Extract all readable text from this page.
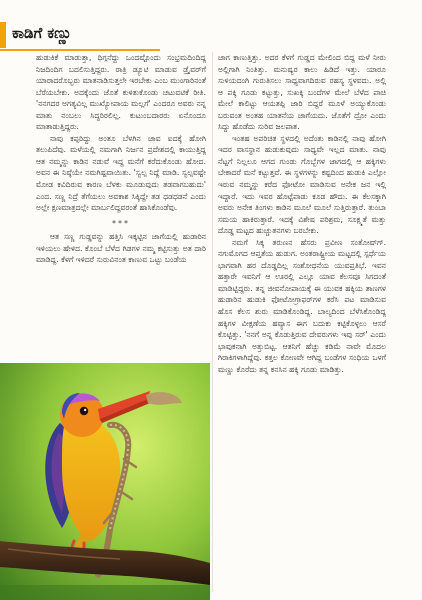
ಕಾಡಿಗೆ ಕಣ್ಣು

ಹುಡುಕಿಕೆ ಮಾಡುತ್ತಾ, ಧಿಗ್ಗನೆದ್ದು ಒಂದಷ್ಟೊಂದು ಸಂಭ್ರಮದಿಂದಿದ್ದ ನಿಜದಿಂದಿಗ ಬದಲಿಸುತ್ತಿದ್ದರು. ರಾತ್ರಿ ಡ್ಯೂಟಿ ಮಾಡುವ ಡ್ರೈವರ್‌ಗೆ ಯಾರಾದರೊಬ್ಬರು ಮಾತನಾಡಿಸುತ್ತಲೇ ಇರಬೇಕು ಎಂಬ ಮುಂಗಾರಿನಂತೆ ಬೆರೆಯಬೇಕು. ಅದಕ್ಕೆಂದು ಜೊತೆ ಕುಳಿತುಕೊಂಡು ಚಟುವಟಿಕೆ ರೀತಿ. 'ನನಗದರ ಅಗತ್ಯವಿಲ್ಲ ಮುಖ್ಯೋಪಾಯ ಮಲ್ಲಗೆ' ಎಂದರೂ ಅವರು ನನ್ನ ಮಾತು ನಂಬಲು ಸಿದ್ಧರಿರಲಿಲ್ಲ. ಕುಟುಂಬದಾರರು ಏನೊಂದೂ ಮಾತಾಡುತ್ತಿದ್ದರು.

ನಾವು ಕಪ್ಪರಿದ್ದು ಅಂತೂ ಬೆಳಗಿನ ಜಾವ ಐದಕ್ಕೆ ಹೋಗಿ ತಲುಪಿದೆವು. ಮಳೆಯಲ್ಲಿ ನಮಗಾಗಿ ನಿರ್ಜನ ಪ್ರದೇಶದಲ್ಲಿ ಕಾಯುತ್ತಿದ್ದ ಆತ ನಮ್ಮನ್ನು ಕಾಡಿನ ನಡುವೆ ಇದ್ದ ಮನೆಗೆ ಕರೆದುಕೊಂಡು ಹೋದ. ಅವನ ಈ ನಿಷ್ಠೆಯೇ ನಮಗಿಷ್ಟವಾಯಿತು. 'ಸ್ವಲ್ಪ ನಿದ್ದೆ ಮಾಡಿ. ಸ್ವಲ್ಪವಷ್ಟೇ ಮೋಡ ಕವಿದಿರುವ ಕಾರಣ ಬೆಳಕು ಮೂಡುವುದು ತಡವಾಗಬಹುದು' ಎಂದ. ಸಣ್ಣ ನಿದ್ರೆ ತೆಗೆಯಲು ಅವಕಾಶ ಸಿಕ್ಕಿದ್ದೇ ತಡ ಧಡಧಡನೆ ಎಂದು ಅಲ್ಲೇ ಕ್ಷಣಮಾತ್ರದಲ್ಲೇ ಮಾರ್ಬಲಿದ್ದವರಂತೆ ಹಾಸಿಕೊಂಡೆವು.

***

ಆತ ಸಣ್ಣ ಗುಡ್ಡವನ್ನು ಹತ್ತಿಸಿ ಇಕ್ಕಟ್ಟಿನ ಜಾಗೆಯಲ್ಲಿ ಹುಡಾರಿನ ಇಳಿಯಲು ಹೇಳಿದ. ಕೊಂಬೆ ಬೆಳೆದ ಗಿಡಗಳ ನಮ್ಮ ಕಟ್ಟಿಸುತ್ತು ಅತ ದಾರಿ ಮಾಡಿದ್ದ. ಕೆಳಗೆ ಇಳಿದರೆ ಸುರುವಿನಂತ ಕಾಣುವ ಒಟ್ಟು ಬಂಡೆಯ

ಜಾಗ ಕಾಣುತ್ತಿತ್ತು. ಅದರ ಕೆಳಗೆ ಗುಡ್ಡದ ಮೇಲಿಂದ ಬಿದ್ದ ಮಳೆ ನೀರು ಅಲ್ಲಿಗಾಗಿ ನಿಂತಿತ್ತು. ಮನುಷ್ಯರ ಕಾಲು ಹಿಡಿದೆ ಇತ್ತು. ಯಾರೂ ಸುಳಿಯದಂಗಿ ಗುರುತಿಸಲು ಸಾಧ್ಯವಾಗದಿರುವ ರಹಸ್ಯ ಸ್ಥಳವದು. ಅಲ್ಲಿ ಆ ಪಕ್ಕಿ ಗೂಡು ಕಟ್ಟುತ್ತು, ಸುಖಕ್ಕಿ ಬಂದೆಗಳ ಮೇಲೆ ಬೆಳೆದ ಪಾಚಿ ಮೇಲೆ ಕಾಲಿಟ್ಟು ಆಯತಪ್ಪಿ ಜಾರಿ ಬಿದ್ದರೆ ಮೂಳೆ ಅಯ್ಯುಕೊಂಡು ಬರುವಂತ ಅಂತಹ ಯಾತನೆಯ ಜಾಗೆಯದು. ಜೊತೆಗೆ ದ್ರೋ ಎಂದು ಸಿದ್ದು ಹೊಡೆದು ಸುರಿವ ಜಲಪಾತ.

ಇಂತಹ ಅಪರಿಚಿತ ಸ್ಥಳದಲ್ಲಿ ಅದೆಂತು ಕಾಡಿನಲ್ಲಿ ನಾವು ಹೋಗಿ ಇದರ ವಾಸಸ್ಥಾನ ಹುಡುಕುವುದು ಸಾಧ್ಯವೇ ಇಲ್ಲದ ಮಾತು. ನಾವು ನೆಟ್ಟಗೆ ನಿಲ್ಲಲೂ ಆಗದ ಗುಂಡು ಗೊಬ್ಬೆಗಳ ಜಾಗದಲ್ಲಿ ಆ ಹಕ್ಕಿಗಳು ಬೇಕಾದರೆ ಮನೆ ಕಟ್ಟುತ್ತವೆ. ಈ ಸ್ಥಳಗಳನ್ನು ಕಷ್ಟದಿಂದ ಹುಡುಕಿ ಎಲ್ಲೋ ಇರುವ ನಮ್ಮನ್ನು ಕರೆದ ಫೋಟೋ ಮಾಡಿಸುವ ಅನೇಕ ಜನ ಇಲ್ಲಿ ಇದ್ದಾರೆ. ಇದು ಇವರ ಹೊಟ್ಟೆಪಾಡು ಕೂಡ ಹೌದು. ಈ ಕೆಲಸಕ್ಕಾಗಿ ಅವರು ಅನೇಕ ತಿಂಗಳು ಕಾಡಿನ ಮೂಲೆ ಮೂಲೆ ಸುತ್ತಿರುತ್ತಾರೆ. ತುಂಬಾ ಸಮಯ ಹಾಕಿರುತ್ತಾರೆ. ಇದಕ್ಕೆ ವಿಶೇಷ ಪರಿಶ್ರಮ, ಸೂಕ್ಷ್ಮತೆ ಮತ್ತು ದೊಡ್ಡ ಮಟ್ಟದ ಹುಚ್ಚುತನಗಳು ಬರಬೇಕು.

ನಮಗೆ ಸಿಕ್ಕ ತರುಣನ ಹೆಸರು ಪ್ರವೀಣ ಸಂತೋಷ್‌ಗ್. ನಗುಮೊಗದ ಆಪ್ತತೆಯ ಹುಡುಗ. ಅಂತರಾಷ್ಟ್ರೀಯ ಮಟ್ಟದಲ್ಲಿ ಸ್ಪರ್ಧೆಯ ಭಾಗವಾಗಿ ಹರ ದೊಡ್ಡದಿಲ್ಲ ಸಂಶೋಧನೆಯ ಯುವಪ್ರತಿಭೆ. ಇವನ ಹತ್ತಾರೇ ಇವನಿಗೆ ಆ ಊರಲ್ಲಿ ಎಲ್ಲೂ ಯಾವ ಕೆಲಸವೂ ಸಿಗದಂತೆ ಮಾಡಿಟ್ಟಿದ್ದರು. ತನ್ನ ಜೀವನೋಪಾಯಕ್ಕೆ ಈ ಯುವಕ ಹಕ್ಕಿಯ ತಾಣಗಳ ಹುಡಾರಿನ ಹುಡುಕಿ ಫೋಟೋಗ್ರಾಫರ್‌ಗಳ ಕರೆಸಿ ಪಟ ಮಾಡಿಸುವ ಹೊಸ ಕೆಲಸ ಶುರು ಮಾಡಿಕೊಂಡಿದ್ದ. ಬಾಲ್ಯದಿಂದ ಬೆಳೆಸಿಕೊಂಡಿದ್ದ ಹಕ್ಕಿಗಳ ವೀಕ್ಷಣೆಯ ಹವ್ಯಾಸ ಈಗ ಬದುಕು ಕಟ್ಟಿಕೊಳ್ಳಲು ಆಸರೆ ಕೊಟ್ಟಿತ್ತು. 'ನನಗೆ ಅನ್ನ ಕೊಡುತ್ತಿರುವ ದೇವರುಗಳು ಇವು ಸರ್' ಎಂದು ಭಾವುಕನಾಗಿ ಅತ್ತುಬಿಟ್ಟ. ಆತನಿಗೆ ಹೆಚ್ಚು ಕಡಿಮೆ ನಾವೇ ಮೊದಲ ಗಿರಾಕಿಗಳಾಗಿದ್ದೆವು. ಕತ್ತಲ ಕೋಣವೇ ಆಗಿದ್ದ ಬಂಡೆಗಳ ಸಂಧಿಯ ಒಳಗೆ ಮಣ್ಣು ಕೊರೆದು ತನ್ನ ಕನಸಿನ ಹಕ್ಕಿ ಗೂಡು ಮಾಡಿತ್ತು.
